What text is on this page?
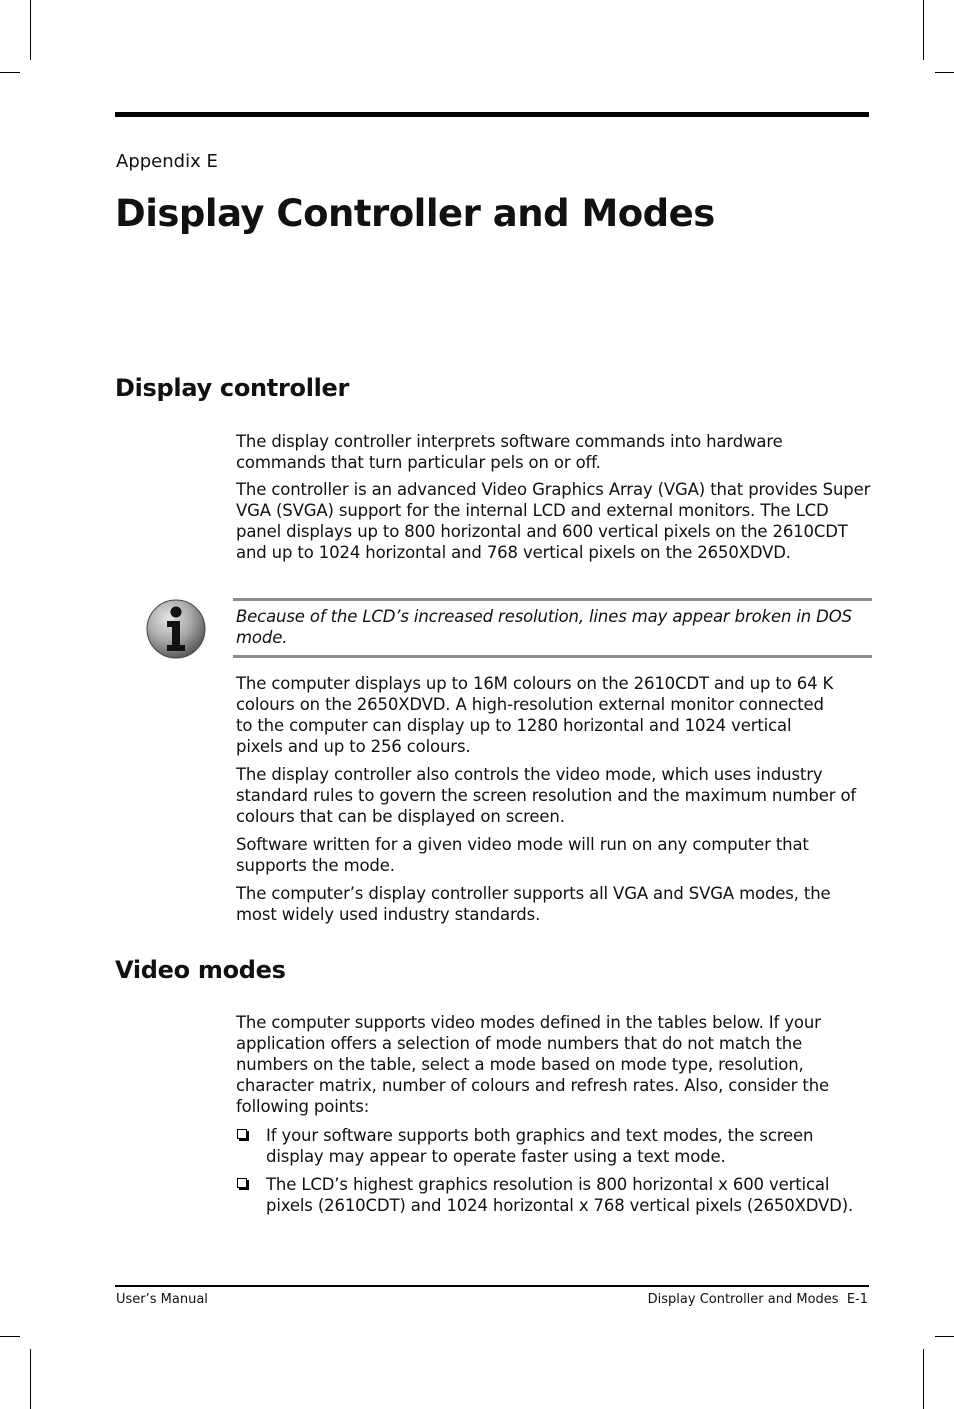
Appendix E
Display Controller and Modes
Display controller

The display controller interprets software commands into hardware commands that turn particular pels on or off.

The controller is an advanced Video Graphics Array (VGA) that provides Super VGA (SVGA) support for the internal LCD and external monitors. The LCD panel displays up to 800 horizontal and 600 vertical pixels on the 2610CDT and up to 1024 horizontal and 768 vertical pixels on the 2650XDVD.

Because of the LCD’s increased resolution, lines may appear broken in DOS mode.

The computer displays up to 16M colours on the 2610CDT and up to 64 K colours on the 2650XDVD. A high-resolution external monitor connected to the computer can display up to 1280 horizontal and 1024 vertical pixels and up to 256 colours.

The display controller also controls the video mode, which uses industry standard rules to govern the screen resolution and the maximum number of colours that can be displayed on screen.

Software written for a given video mode will run on any computer that supports the mode.

The computer’s display controller supports all VGA and SVGA modes, the most widely used industry standards.

Video modes

The computer supports video modes defined in the tables below. If your application offers a selection of mode numbers that do not match the numbers on the table, select a mode based on mode type, resolution, character matrix, number of colours and refresh rates. Also, consider the following points:

If your software supports both graphics and text modes, the screen display may appear to operate faster using a text mode.
The LCD’s highest graphics resolution is 800 horizontal x 600 vertical pixels (2610CDT) and 1024 horizontal x 768 vertical pixels (2650XDVD).
User’s Manual	Display Controller and Modes  E-1
